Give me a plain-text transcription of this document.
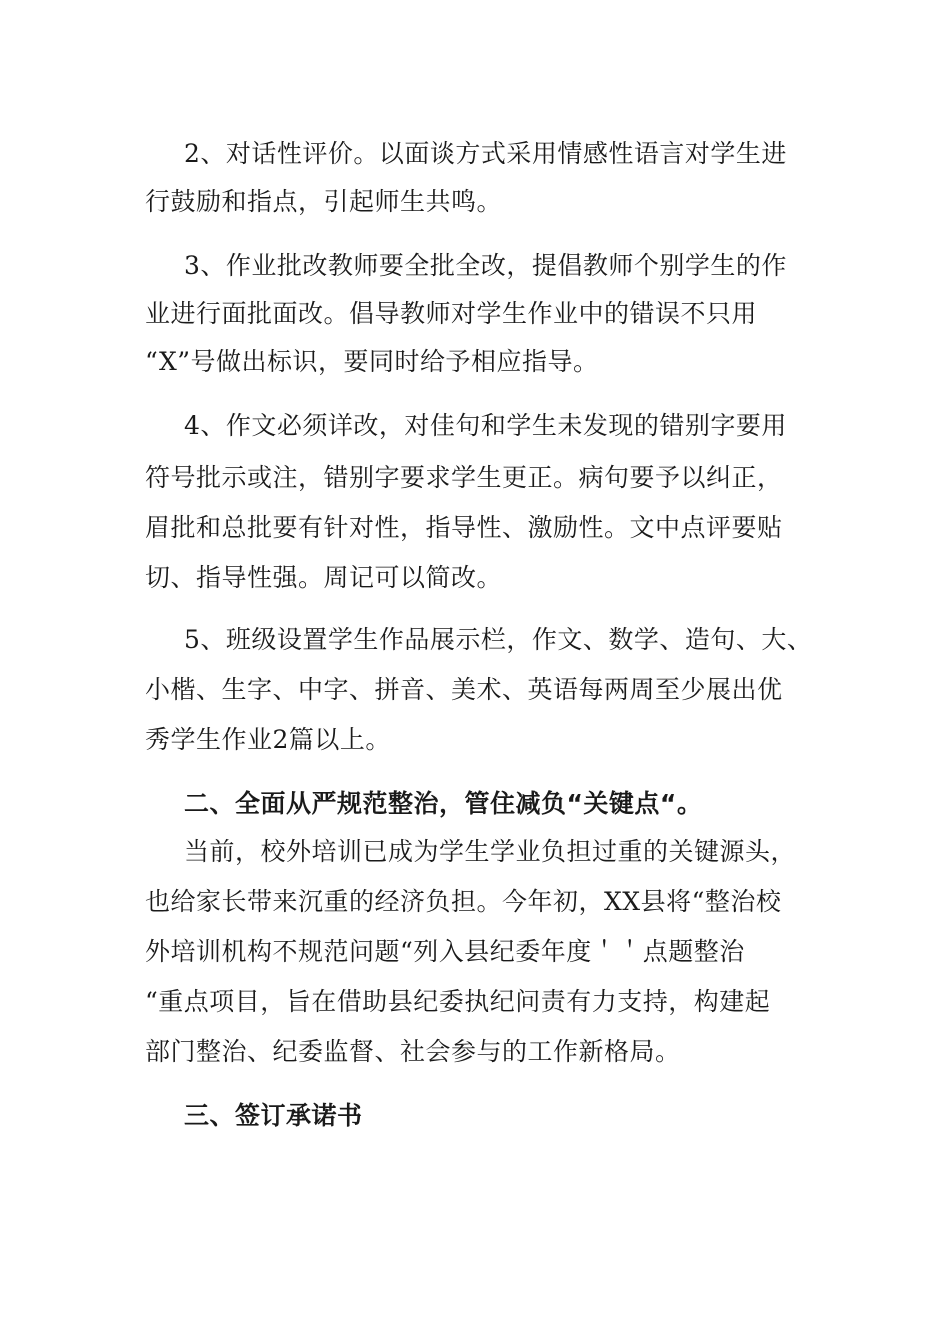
2、对话性评价。以面谈方式采用情感性语言对学生进
行鼓励和指点，引起师生共鸣。
3、作业批改教师要全批全改，提倡教师个别学生的作
业进行面批面改。倡导教师对学生作业中的错误不只用
“X”号做出标识，要同时给予相应指导。
4、作文必须详改，对佳句和学生未发现的错别字要用
符号批示或注，错别字要求学生更正。病句要予以纠正，
眉批和总批要有针对性，指导性、激励性。文中点评要贴
切、指导性强。周记可以简改。
5、班级设置学生作品展示栏，作文、数学、造句、大、
小楷、生字、中字、拼音、美术、英语每两周至少展出优
秀学生作业2篇以上。
二、全面从严规范整治，管住减负“关键点“。
当前，校外培训已成为学生学业负担过重的关键源头，
也给家长带来沉重的经济负担。今年初，XX县将“整治校
外培训机构不规范问题“列入县纪委年度＇＇点题整治
“重点项目，旨在借助县纪委执纪问责有力支持，构建起
部门整治、纪委监督、社会参与的工作新格局。
三、签订承诺书
